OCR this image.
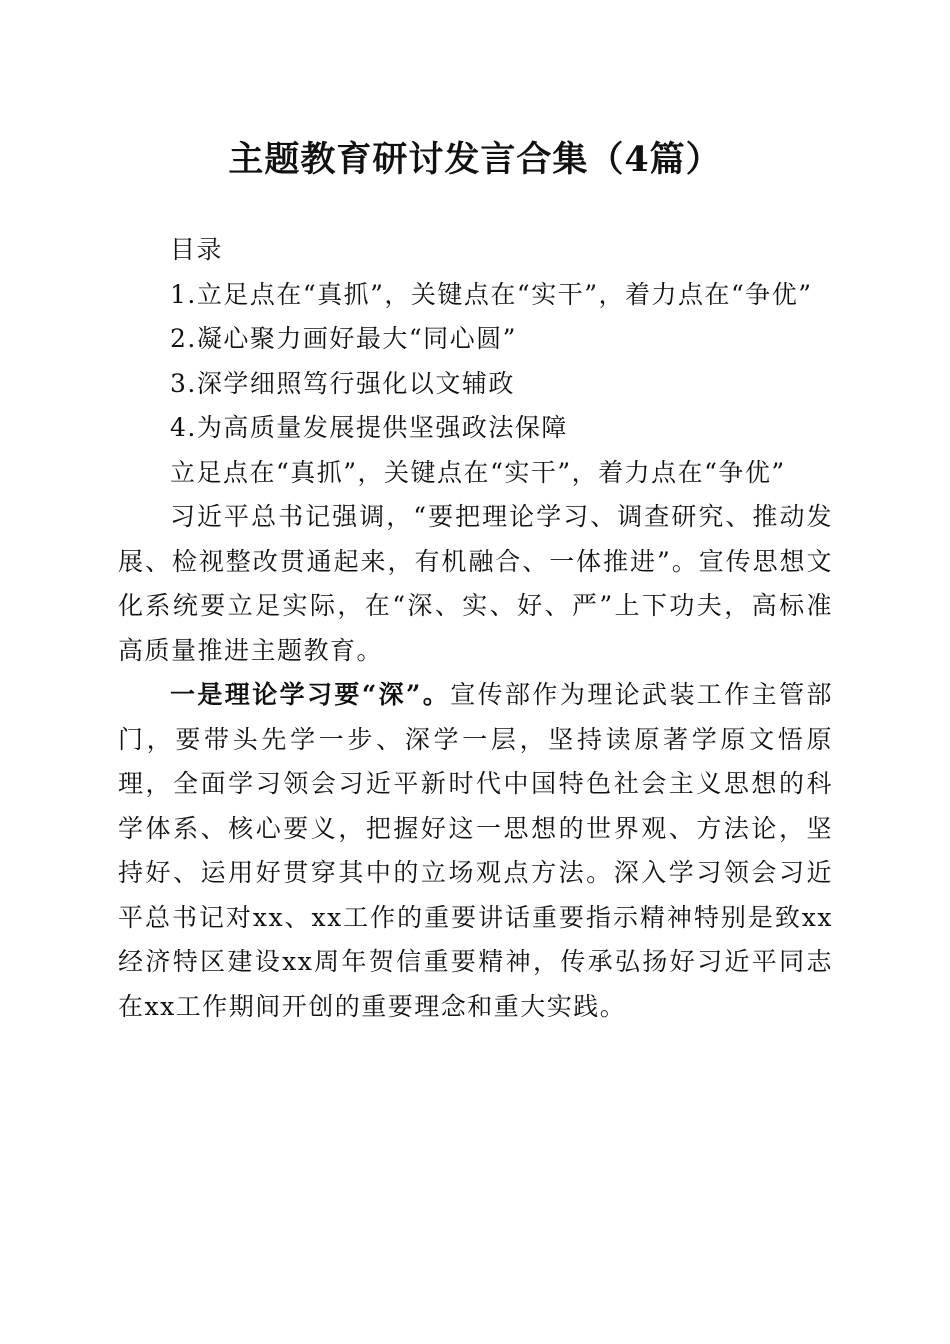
主题教育研讨发言合集（4篇）

目录

1.立足点在“真抓”，关键点在“实干”，着力点在“争优”

2.凝心聚力画好最大“同心圆”

3.深学细照笃行强化以文辅政

4.为高质量发展提供坚强政法保障

立足点在“真抓”，关键点在“实干”，着力点在“争优”

习近平总书记强调，“要把理论学习、调查研究、推动发展、检视整改贯通起来，有机融合、一体推进”。宣传思想文化系统要立足实际，在“深、实、好、严”上下功夫，高标准高质量推进主题教育。

一是理论学习要“深”。宣传部作为理论武装工作主管部门，要带头先学一步、深学一层，坚持读原著学原文悟原理，全面学习领会习近平新时代中国特色社会主义思想的科学体系、核心要义，把握好这一思想的世界观、方法论，坚持好、运用好贯穿其中的立场观点方法。深入学习领会习近平总书记对xx、xx工作的重要讲话重要指示精神特别是致xx经济特区建设xx周年贺信重要精神，传承弘扬好习近平同志在xx工作期间开创的重要理念和重大实践。
